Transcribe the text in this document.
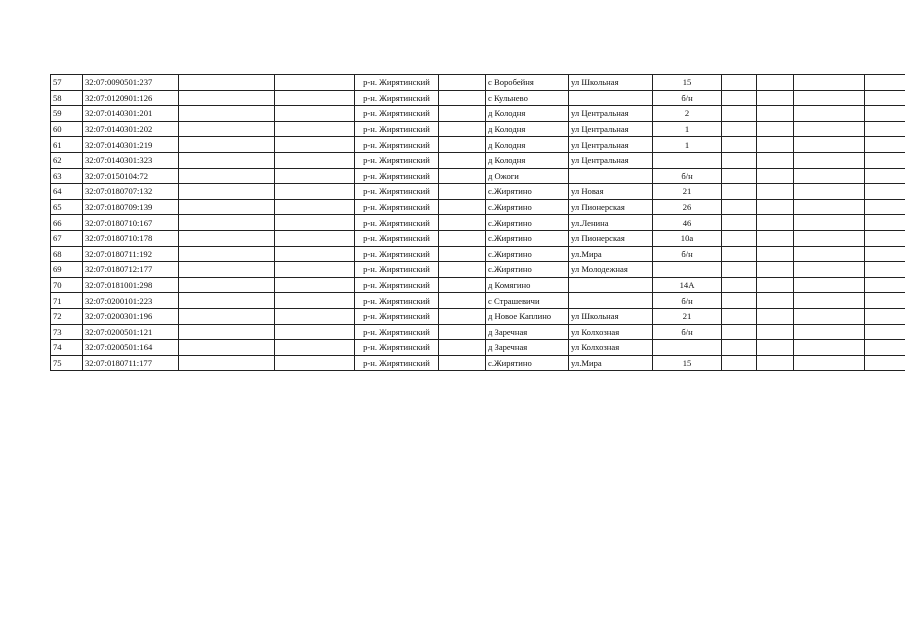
57	32:07:0090501:237			р-н. Жирятинский		с Воробейня	ул Школьная	15				
58	32:07:0120901:126			р-н. Жирятинский		с Кульнево		б/н				
59	32:07:0140301:201			р-н. Жирятинский		д Колодня	ул Центральная	2				
60	32:07:0140301:202			р-н. Жирятинский		д Колодня	ул Центральная	1				
61	32:07:0140301:219			р-н. Жирятинский		д Колодня	ул Центральная	1				
62	32:07:0140301:323			р-н. Жирятинский		д Колодня	ул Центральная					
63	32:07:0150104:72			р-н. Жирятинский		д Ожоги		б/н				
64	32:07:0180707:132			р-н. Жирятинский		с.Жирятино	ул Новая	21				
65	32:07:0180709:139			р-н. Жирятинский		с.Жирятино	ул Пионерская	26				
66	32:07:0180710:167			р-н. Жирятинский		с.Жирятино	ул.Ленина	46				
67	32:07:0180710:178			р-н. Жирятинский		с.Жирятино	ул Пионерская	10а				
68	32:07:0180711:192			р-н. Жирятинский		с.Жирятино	ул.Мира	б/н				
69	32:07:0180712:177			р-н. Жирятинский		с.Жирятино	ул Молодежная					
70	32:07:0181001:298			р-н. Жирятинский		д Комягино		14А				
71	32:07:0200101:223			р-н. Жирятинский		с Страшевичи		б/н				
72	32:07:0200301:196			р-н. Жирятинский		д Новое Каплино	ул Школьная	21				
73	32:07:0200501:121			р-н. Жирятинский		д Заречная	ул Колхозная	б/н				
74	32:07:0200501:164			р-н. Жирятинский		д Заречная	ул Колхозная					
75	32:07:0180711:177			р-н. Жирятинский		с.Жирятино	ул.Мира	15				
